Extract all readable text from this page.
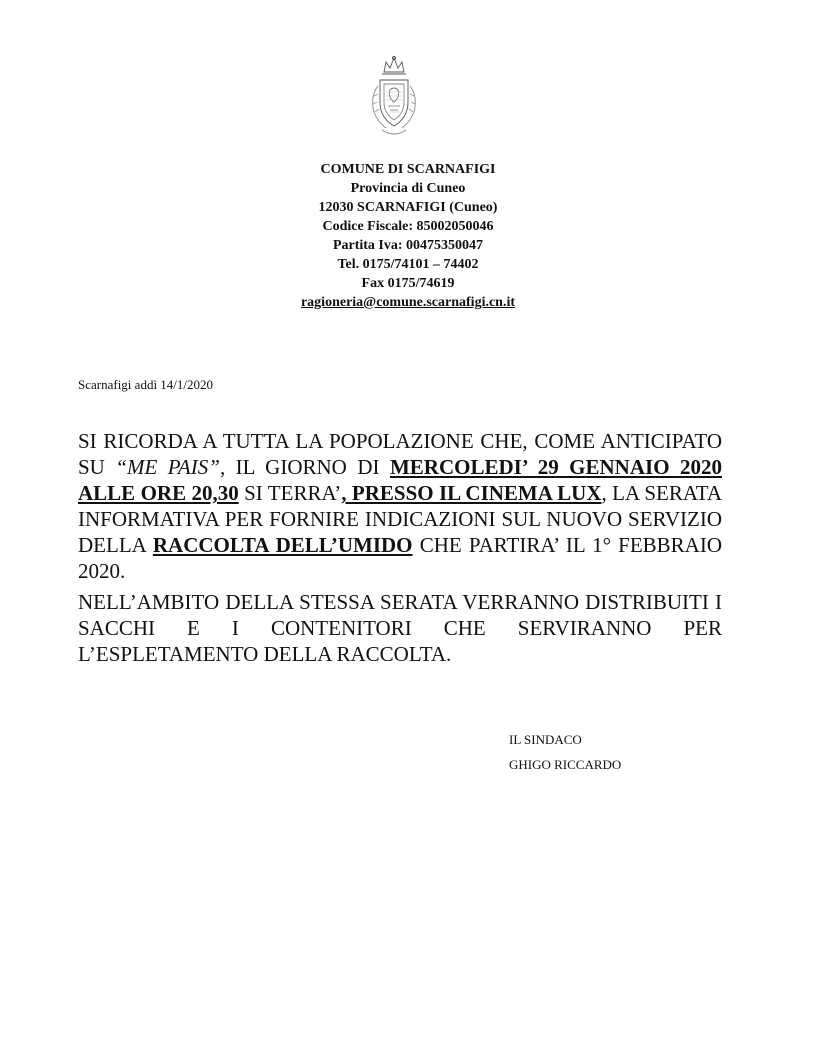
COMUNE DI SCARNAFIGI
Provincia di Cuneo
12030 SCARNAFIGI (Cuneo)
Codice Fiscale: 85002050046
Partita Iva: 00475350047
Tel. 0175/74101 – 74402
Fax 0175/74619
ragioneria@comune.scarnafigi.cn.it
Scarnafigi addì 14/1/2020

SI RICORDA A TUTTA LA POPOLAZIONE CHE, COME ANTICIPATO SU “ME PAIS”, IL GIORNO DI MERCOLEDI’ 29 GENNAIO 2020 ALLE ORE 20,30 SI TERRA’, PRESSO IL CINEMA LUX, LA SERATA INFORMATIVA PER FORNIRE INDICAZIONI SUL NUOVO SERVIZIO DELLA RACCOLTA DELL’UMIDO CHE PARTIRA’ IL 1° FEBBRAIO 2020.

NELL’AMBITO DELLA STESSA SERATA VERRANNO DISTRIBUITI I SACCHI E I CONTENITORI CHE SERVIRANNO PER L’ESPLETAMENTO DELLA RACCOLTA.

IL SINDACO
GHIGO RICCARDO
